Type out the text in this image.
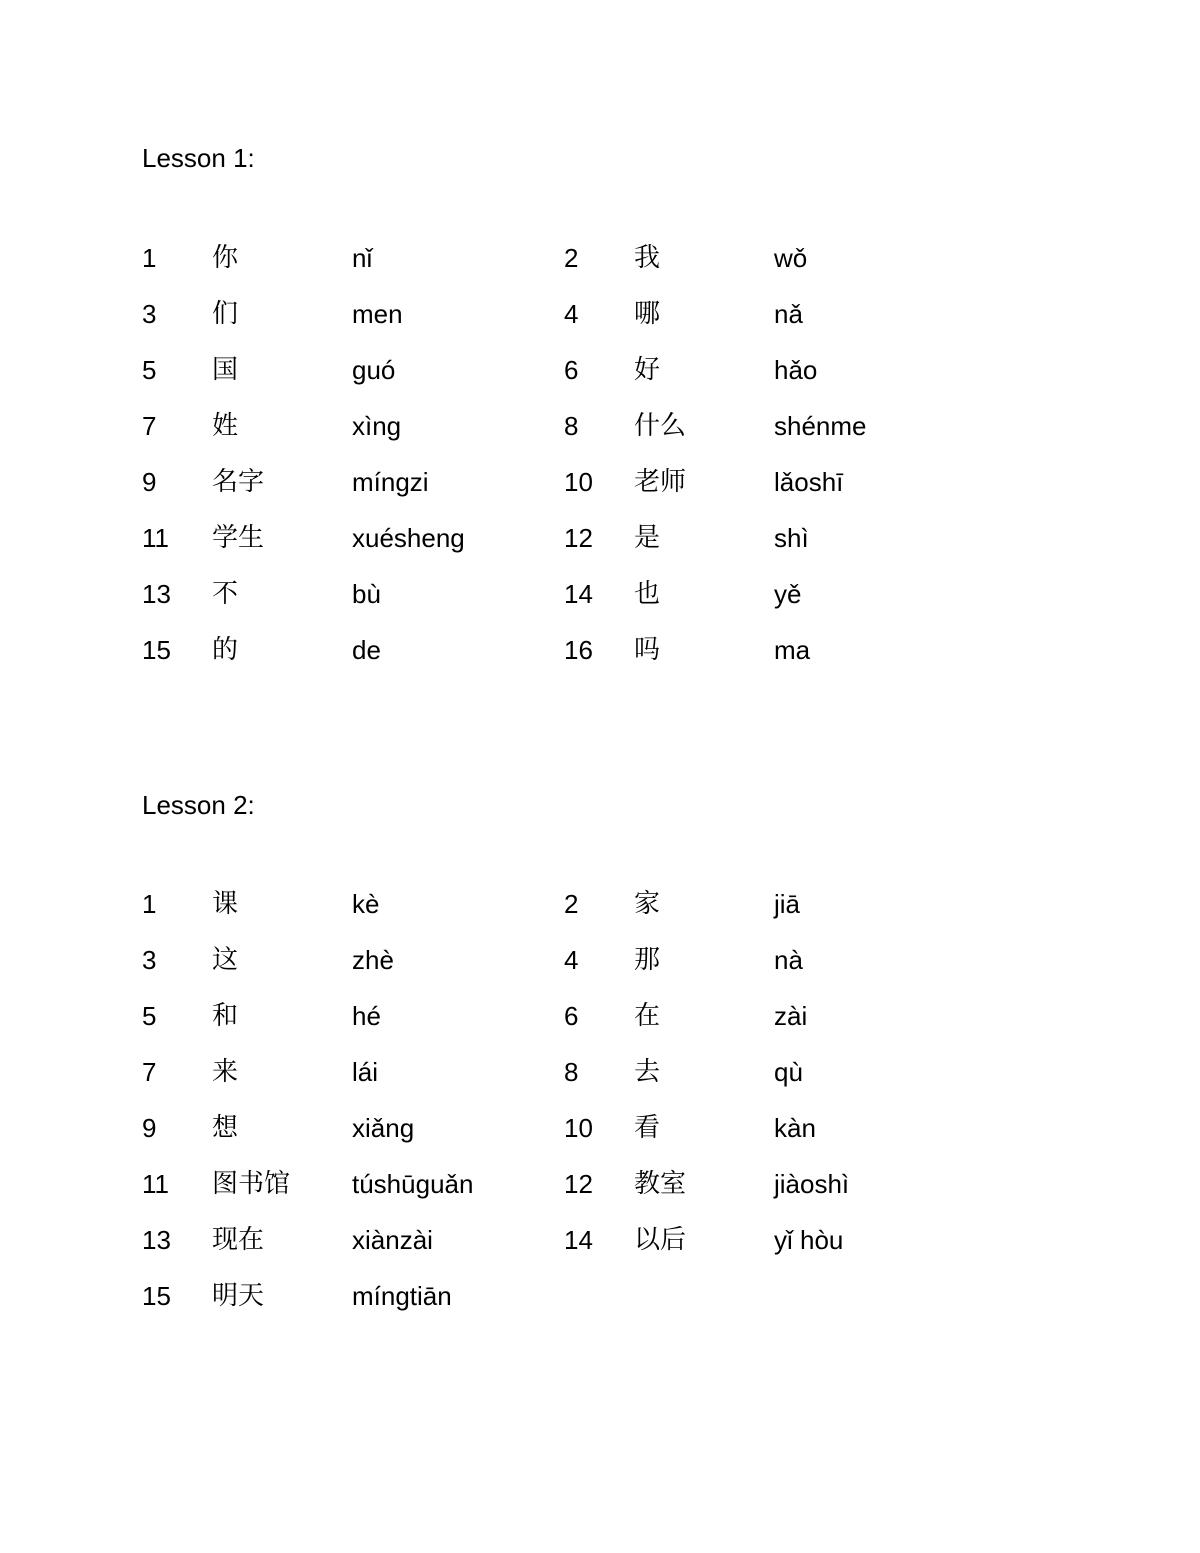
Lesson 1:
1 你	nǐ	2 我	wǒ
3 们	men	4 哪	nǎ
5 国	guó	6 好	hǎo
7 姓	xìng	8 什么	shénme
9 名字	míngzi	10 老师	lǎoshī
11 学生	xuésheng	12 是	shì
13 不	bù	14 也	yě
15 的	de	16 吗	ma
Lesson 2:
1 课	kè	2 家	jiā
3 这	zhè	4 那	nà
5 和	hé	6 在	zài
7 来	lái	8 去	qù
9 想	xiǎng	10 看	kàn
11 图书馆 túshūguǎn	12 教室	jiàoshì
13 现在	xiànzài	14 以后	yǐ hòu
15 明天	míngtiān
